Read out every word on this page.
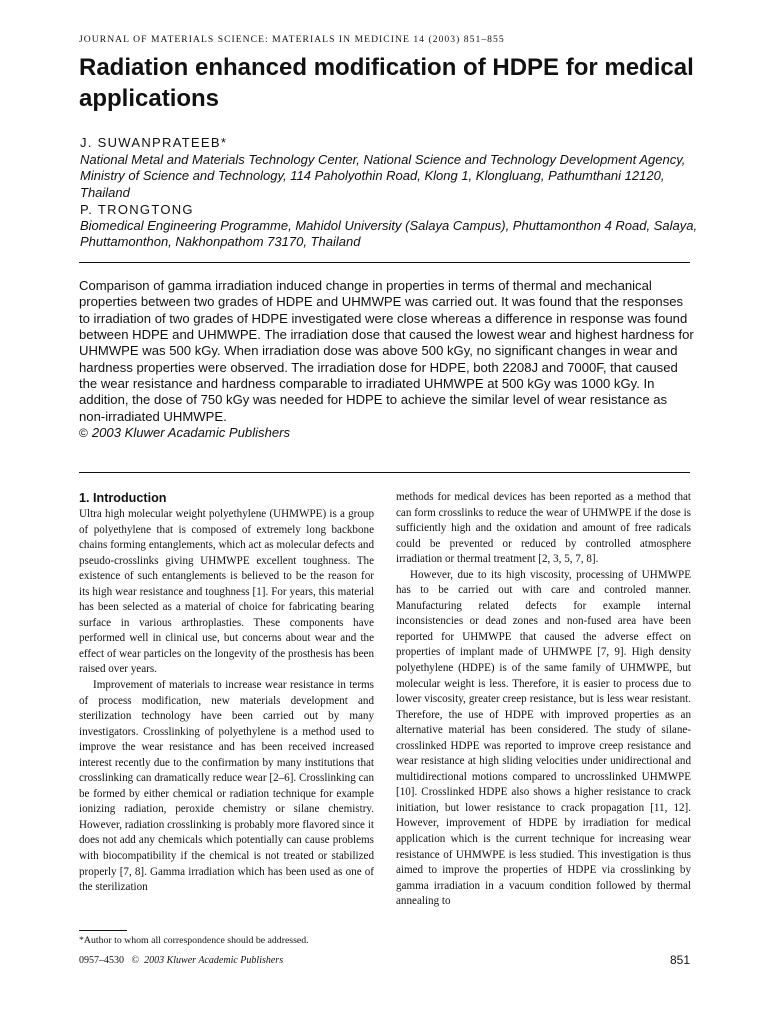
JOURNAL OF MATERIALS SCIENCE: MATERIALS IN MEDICINE 14 (2003) 851–855
Radiation enhanced modification of HDPE for medical applications
J. SUWANPRATEEB*

National Metal and Materials Technology Center, National Science and Technology Development Agency, Ministry of Science and Technology, 114 Paholyothin Road, Klong 1, Klongluang, Pathumthani 12120, Thailand

P. TRONGTONG

Biomedical Engineering Programme, Mahidol University (Salaya Campus), Phuttamonthon 4 Road, Salaya, Phuttamonthon, Nakhonpathom 73170, Thailand

Comparison of gamma irradiation induced change in properties in terms of thermal and mechanical properties between two grades of HDPE and UHMWPE was carried out. It was found that the responses to irradiation of two grades of HDPE investigated were close whereas a difference in response was found between HDPE and UHMWPE. The irradiation dose that caused the lowest wear and highest hardness for UHMWPE was 500 kGy. When irradiation dose was above 500 kGy, no significant changes in wear and hardness properties were observed. The irradiation dose for HDPE, both 2208J and 7000F, that caused the wear resistance and hardness comparable to irradiated UHMWPE at 500 kGy was 1000 kGy. In addition, the dose of 750 kGy was needed for HDPE to achieve the similar level of wear resistance as non-irradiated UHMWPE.

© 2003 Kluwer Acadamic Publishers

1. Introduction

Ultra high molecular weight polyethylene (UHMWPE) is a group of polyethylene that is composed of extremely long backbone chains forming entanglements, which act as molecular defects and pseudo-crosslinks giving UHMWPE excellent toughness. The existence of such entanglements is believed to be the reason for its high wear resistance and toughness [1]. For years, this material has been selected as a material of choice for fabricating bearing surface in various arthroplasties. These components have performed well in clinical use, but concerns about wear and the effect of wear particles on the longevity of the prosthesis has been raised over years.

Improvement of materials to increase wear resistance in terms of process modification, new materials development and sterilization technology have been carried out by many investigators. Crosslinking of polyethylene is a method used to improve the wear resistance and has been received increased interest recently due to the confirmation by many institutions that crosslinking can dramatically reduce wear [2–6]. Crosslinking can be formed by either chemical or radiation technique for example ionizing radiation, peroxide chemistry or silane chemistry. However, radiation crosslinking is probably more flavored since it does not add any chemicals which potentially can cause problems with biocompatibility if the chemical is not treated or stabilized properly [7, 8]. Gamma irradiation which has been used as one of the sterilization

methods for medical devices has been reported as a method that can form crosslinks to reduce the wear of UHMWPE if the dose is sufficiently high and the oxidation and amount of free radicals could be prevented or reduced by controlled atmosphere irradiation or thermal treatment [2, 3, 5, 7, 8].

However, due to its high viscosity, processing of UHMWPE has to be carried out with care and controled manner. Manufacturing related defects for example internal inconsistencies or dead zones and non-fused area have been reported for UHMWPE that caused the adverse effect on properties of implant made of UHMWPE [7, 9]. High density polyethylene (HDPE) is of the same family of UHMWPE, but molecular weight is less. Therefore, it is easier to process due to lower viscosity, greater creep resistance, but is less wear resistant. Therefore, the use of HDPE with improved properties as an alternative material has been considered. The study of silane-crosslinked HDPE was reported to improve creep resistance and wear resistance at high sliding velocities under unidirectional and multidirectional motions compared to uncrosslinked UHMWPE [10]. Crosslinked HDPE also shows a higher resistance to crack initiation, but lower resistance to crack propagation [11, 12]. However, improvement of HDPE by irradiation for medical application which is the current technique for increasing wear resistance of UHMWPE is less studied. This investigation is thus aimed to improve the properties of HDPE via crosslinking by gamma irradiation in a vacuum condition followed by thermal annealing to

*Author to whom all correspondence should be addressed.
0957–4530 © 2003 Kluwer Academic Publishers	851
